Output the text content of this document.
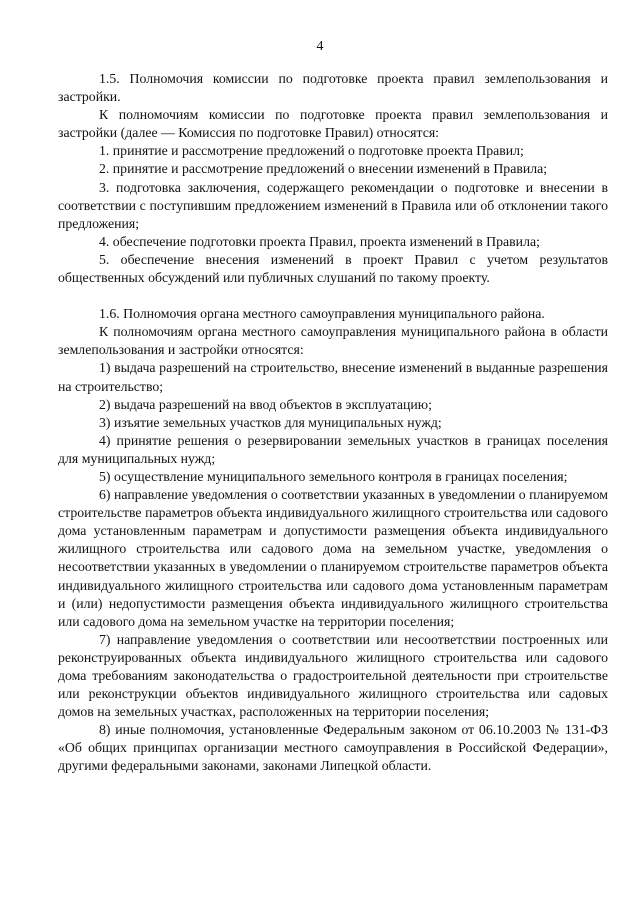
4

1.5. Полномочия комиссии по подготовке проекта правил землепользования и застройки.

К полномочиям комиссии по подготовке проекта правил землепользования и застройки (далее — Комиссия по подготовке Правил) относятся:

1. принятие и рассмотрение предложений о подготовке проекта Правил;

2. принятие и рассмотрение предложений о внесении изменений в Правила;

3. подготовка заключения, содержащего рекомендации о подготовке и внесении в соответствии с поступившим предложением изменений в Правила или об отклонении такого предложения;

4. обеспечение подготовки проекта Правил, проекта изменений в Правила;

5. обеспечение внесения изменений в проект Правил с учетом результатов общественных обсуждений или публичных слушаний по такому проекту.

1.6. Полномочия органа местного самоуправления муниципального района.

К полномочиям органа местного самоуправления муниципального района в области землепользования и застройки относятся:

1) выдача разрешений на строительство, внесение изменений в выданные разрешения на строительство;

2) выдача разрешений на ввод объектов в эксплуатацию;

3) изъятие земельных участков для муниципальных нужд;

4) принятие решения о резервировании земельных участков в границах поселения для муниципальных нужд;

5) осуществление муниципального земельного контроля в границах поселения;

6) направление уведомления о соответствии указанных в уведомлении о планируемом строительстве параметров объекта индивидуального жилищного строительства или садового дома установленным параметрам и допустимости размещения объекта индивидуального жилищного строительства или садового дома на земельном участке, уведомления о несоответствии указанных в уведомлении о планируемом строительстве параметров объекта индивидуального жилищного строительства или садового дома установленным параметрам и (или) недопустимости размещения объекта индивидуального жилищного строительства или садового дома на земельном участке на территории поселения;

7) направление уведомления о соответствии или несоответствии построенных или реконструированных объекта индивидуального жилищного строительства или садового дома требованиям законодательства о градостроительной деятельности при строительстве или реконструкции объектов индивидуального жилищного строительства или садовых домов на земельных участках, расположенных на территории поселения;

8) иные полномочия, установленные Федеральным законом от 06.10.2003 № 131-ФЗ «Об общих принципах организации местного самоуправления в Российской Федерации», другими федеральными законами, законами Липецкой области.
